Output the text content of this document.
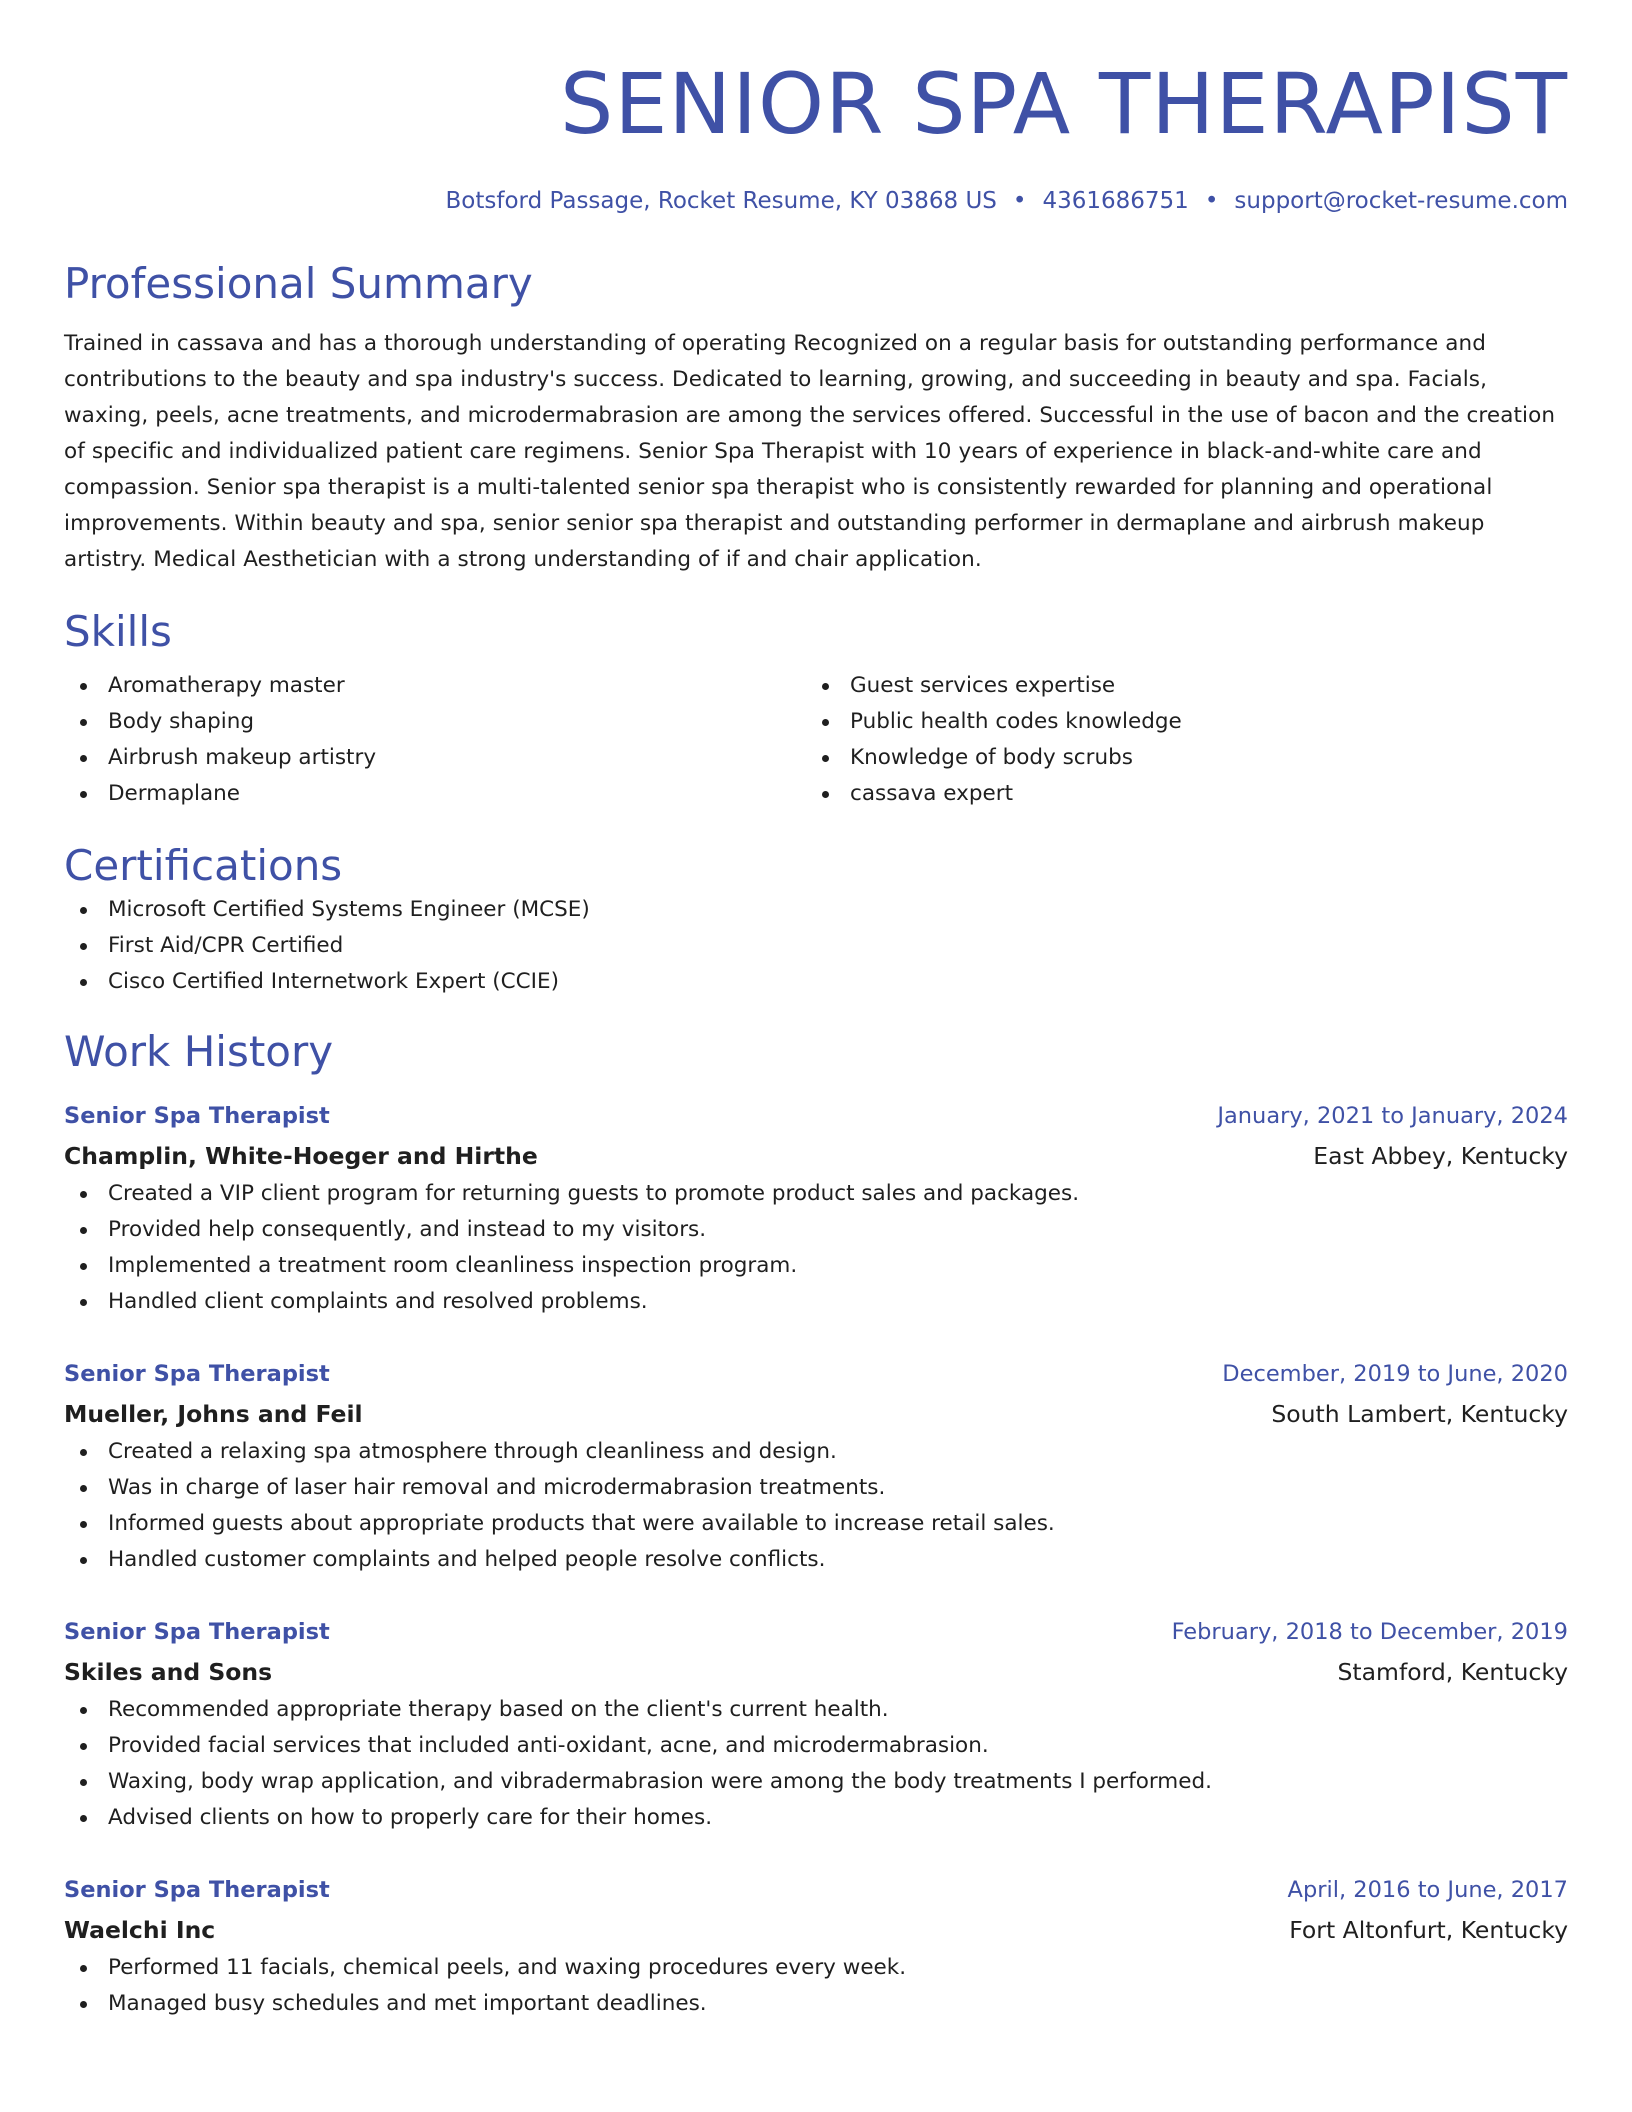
SENIOR SPA THERAPIST
Botsford Passage, Rocket Resume, KY 03868 US • 4361686751 • support@rocket-resume.com
Professional Summary
Trained in cassava and has a thorough understanding of operating Recognized on a regular basis for outstanding performance and contributions to the beauty and spa industry's success. Dedicated to learning, growing, and succeeding in beauty and spa. Facials, waxing, peels, acne treatments, and microdermabrasion are among the services offered. Successful in the use of bacon and the creation of specific and individualized patient care regimens. Senior Spa Therapist with 10 years of experience in black-and-white care and compassion. Senior spa therapist is a multi-talented senior spa therapist who is consistently rewarded for planning and operational improvements. Within beauty and spa, senior senior spa therapist and outstanding performer in dermaplane and airbrush makeup artistry. Medical Aesthetician with a strong understanding of if and chair application.
Skills
Aromatherapy master
Body shaping
Airbrush makeup artistry
Dermaplane
Guest services expertise
Public health codes knowledge
Knowledge of body scrubs
cassava expert
Certifications
Microsoft Certified Systems Engineer (MCSE)
First Aid/CPR Certified
Cisco Certified Internetwork Expert (CCIE)
Work History
Senior Spa Therapist	January, 2021 to January, 2024
Champlin, White-Hoeger and Hirthe	East Abbey, Kentucky
Created a VIP client program for returning guests to promote product sales and packages.
Provided help consequently, and instead to my visitors.
Implemented a treatment room cleanliness inspection program.
Handled client complaints and resolved problems.
Senior Spa Therapist	December, 2019 to June, 2020
Mueller, Johns and Feil	South Lambert, Kentucky
Created a relaxing spa atmosphere through cleanliness and design.
Was in charge of laser hair removal and microdermabrasion treatments.
Informed guests about appropriate products that were available to increase retail sales.
Handled customer complaints and helped people resolve conflicts.
Senior Spa Therapist	February, 2018 to December, 2019
Skiles and Sons	Stamford, Kentucky
Recommended appropriate therapy based on the client's current health.
Provided facial services that included anti-oxidant, acne, and microdermabrasion.
Waxing, body wrap application, and vibradermabrasion were among the body treatments I performed.
Advised clients on how to properly care for their homes.
Senior Spa Therapist	April, 2016 to June, 2017
Waelchi Inc	Fort Altonfurt, Kentucky
Performed 11 facials, chemical peels, and waxing procedures every week.
Managed busy schedules and met important deadlines.
